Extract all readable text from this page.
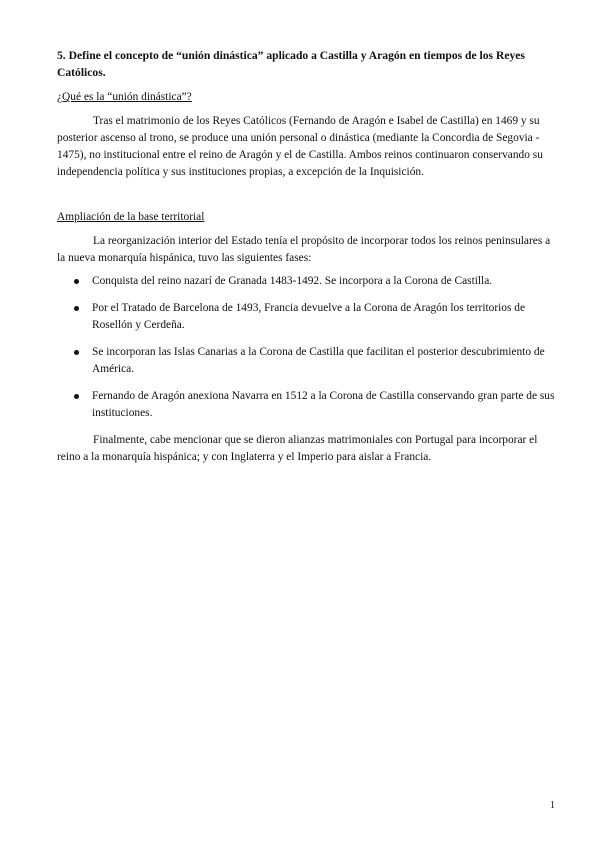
5. Define el concepto de “unión dinástica” aplicado a Castilla y Aragón en tiempos de los Reyes Católicos.

¿Qué es la “unión dinástica”?

Tras el matrimonio de los Reyes Católicos (Fernando de Aragón e Isabel de Castilla) en 1469 y su posterior ascenso al trono, se produce una unión personal o dinástica (mediante la Concordia de Segovia - 1475), no institucional entre el reino de Aragón y el de Castilla. Ambos reinos continuaron conservando su independencia política y sus instituciones propias, a excepción de la Inquisición.

Ampliación de la base territorial

La reorganización interior del Estado tenía el propósito de incorporar todos los reinos peninsulares a la nueva monarquía hispánica, tuvo las siguientes fases:

Conquista del reino nazarí de Granada 1483-1492. Se incorpora a la Corona de Castilla.
Por el Tratado de Barcelona de 1493, Francia devuelve a la Corona de Aragón los territorios de Rosellón y Cerdeña.
Se incorporan las Islas Canarias a la Corona de Castilla que facilitan el posterior descubrimiento de América.
Fernando de Aragón anexiona Navarra en 1512 a la Corona de Castilla conservando gran parte de sus instituciones.

Finalmente, cabe mencionar que se dieron alianzas matrimoniales con Portugal para incorporar el reino a la monarquía hispánica; y con Inglaterra y el Imperio para aislar a Francia.

1
